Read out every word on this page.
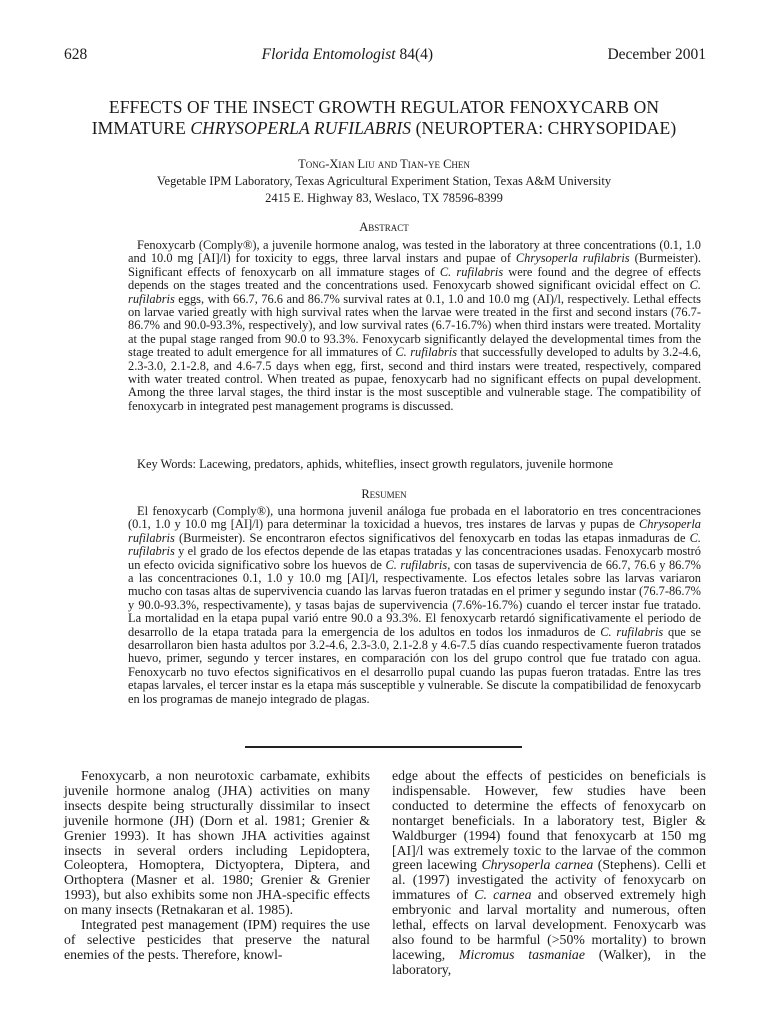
628	Florida Entomologist 84(4)	December 2001
EFFECTS OF THE INSECT GROWTH REGULATOR FENOXYCARB ON
IMMATURE CHRYSOPERLA RUFILABRIS (NEUROPTERA: CHRYSOPIDAE)
Tong-Xian Liu and Tian-ye Chen
Vegetable IPM Laboratory, Texas Agricultural Experiment Station, Texas A&M University
2415 E. Highway 83, Weslaco, TX 78596-8399
Abstract

Fenoxycarb (Comply®), a juvenile hormone analog, was tested in the laboratory at three concentrations (0.1, 1.0 and 10.0 mg [AI]/l) for toxicity to eggs, three larval instars and pupae of Chrysoperla rufilabris (Burmeister). Significant effects of fenoxycarb on all immature stages of C. rufilabris were found and the degree of effects depends on the stages treated and the concentrations used. Fenoxycarb showed significant ovicidal effect on C. rufilabris eggs, with 66.7, 76.6 and 86.7% survival rates at 0.1, 1.0 and 10.0 mg (AI)/l, respectively. Lethal effects on larvae varied greatly with high survival rates when the larvae were treated in the first and second instars (76.7-86.7% and 90.0-93.3%, respectively), and low survival rates (6.7-16.7%) when third instars were treated. Mortality at the pupal stage ranged from 90.0 to 93.3%. Fenoxycarb significantly delayed the developmental times from the stage treated to adult emergence for all immatures of C. rufilabris that successfully developed to adults by 3.2-4.6, 2.3-3.0, 2.1-2.8, and 4.6-7.5 days when egg, first, second and third instars were treated, respectively, compared with water treated control. When treated as pupae, fenoxycarb had no significant effects on pupal development. Among the three larval stages, the third instar is the most susceptible and vulnerable stage. The compatibility of fenoxycarb in integrated pest management programs is discussed.

Key Words: Lacewing, predators, aphids, whiteflies, insect growth regulators, juvenile hormone
Resumen

El fenoxycarb (Comply®), una hormona juvenil análoga fue probada en el laboratorio en tres concentraciones (0.1, 1.0 y 10.0 mg [AI]/l) para determinar la toxicidad a huevos, tres instares de larvas y pupas de Chrysoperla rufilabris (Burmeister). Se encontraron efectos significativos del fenoxycarb en todas las etapas inmaduras de C. rufilabris y el grado de los efectos depende de las etapas tratadas y las concentraciones usadas. Fenoxycarb mostró un efecto ovicida significativo sobre los huevos de C. rufilabris, con tasas de supervivencia de 66.7, 76.6 y 86.7% a las concentraciones 0.1, 1.0 y 10.0 mg [AI]/l, respectivamente. Los efectos letales sobre las larvas variaron mucho con tasas altas de supervivencia cuando las larvas fueron tratadas en el primer y segundo instar (76.7-86.7% y 90.0-93.3%, respectivamente), y tasas bajas de supervivencia (7.6%-16.7%) cuando el tercer instar fue tratado. La mortalidad en la etapa pupal varió entre 90.0 a 93.3%. El fenoxycarb retardó significativamente el periodo de desarrollo de la etapa tratada para la emergencia de los adultos en todos los inmaduros de C. rufilabris que se desarrollaron bien hasta adultos por 3.2-4.6, 2.3-3.0, 2.1-2.8 y 4.6-7.5 días cuando respectivamente fueron tratados huevo, primer, segundo y tercer instares, en comparación con los del grupo control que fue tratado con agua. Fenoxycarb no tuvo efectos significativos en el desarrollo pupal cuando las pupas fueron tratadas. Entre las tres etapas larvales, el tercer instar es la etapa más susceptible y vulnerable. Se discute la compatibilidad de fenoxycarb en los programas de manejo integrado de plagas.

Fenoxycarb, a non neurotoxic carbamate, exhibits juvenile hormone analog (JHA) activities on many insects despite being structurally dissimilar to insect juvenile hormone (JH) (Dorn et al. 1981; Grenier & Grenier 1993). It has shown JHA activities against insects in several orders including Lepidoptera, Coleoptera, Homoptera, Dictyoptera, Diptera, and Orthoptera (Masner et al. 1980; Grenier & Grenier 1993), but also exhibits some non JHA-specific effects on many insects (Retnakaran et al. 1985).

Integrated pest management (IPM) requires the use of selective pesticides that preserve the natural enemies of the pests. Therefore, knowl-

edge about the effects of pesticides on beneficials is indispensable. However, few studies have been conducted to determine the effects of fenoxycarb on nontarget beneficials. In a laboratory test, Bigler & Waldburger (1994) found that fenoxycarb at 150 mg [AI]/l was extremely toxic to the larvae of the common green lacewing Chrysoperla carnea (Stephens). Celli et al. (1997) investigated the activity of fenoxycarb on immatures of C. carnea and observed extremely high embryonic and larval mortality and numerous, often lethal, effects on larval development. Fenoxycarb was also found to be harmful (>50% mortality) to brown lacewing, Micromus tasmaniae (Walker), in the laboratory,
